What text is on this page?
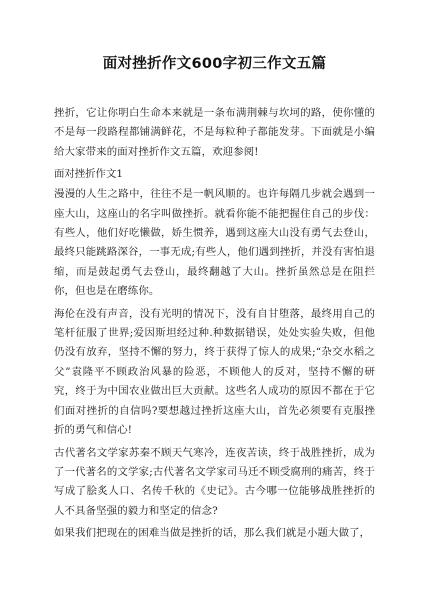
面对挫折作文600字初三作文五篇

挫折，它让你明白生命本来就是一条布满荆棘与坎坷的路，使你懂的不是每一段路程都铺满鲜花，不是每粒种子都能发芽。下面就是小编给大家带来的面对挫折作文五篇，欢迎参阅!

面对挫折作文1

漫漫的人生之路中，往往不是一帆风顺的。也许每隔几步就会遇到一座大山，这座山的名字叫做挫折。就看你能不能把握住自己的步伐：有些人，他们好吃懒做，娇生惯养，遇到这座大山没有勇气去登山，最终只能跳路深谷，一事无成;有些人，他们遇到挫折，并没有害怕退缩，而是鼓起勇气去登山，最终翻越了大山。挫折虽然总是在阻拦你，但也是在磨练你。

海伦在没有声音，没有光明的情况下，没有自甘堕落，最终用自己的笔杆征服了世界;爱因斯坦经过种.种数据错误，处处实验失败，但他仍没有放弃，坚持不懈的努力，终于获得了惊人的成果;“杂交水稻之父”袁隆平不顾政治风暴的险恶，不顾他人的反对，坚持不懈的研究，终于为中国农业做出巨大贡献。这些名人成功的原因不都在于它们面对挫折的自信吗?要想越过挫折这座大山，首先必须要有克服挫折的勇气和信心!

古代著名文学家苏秦不顾天气寒冷，连夜苦读，终于战胜挫折，成为了一代著名的文学家;古代著名文学家司马迁不顾受腐刑的痛苦，终于写成了脍炙人口、名传千秋的《史记》。古今哪一位能够战胜挫折的人不具备坚强的毅力和坚定的信念?

如果我们把现在的困难当做是挫折的话，那么我们就是小题大做了，
